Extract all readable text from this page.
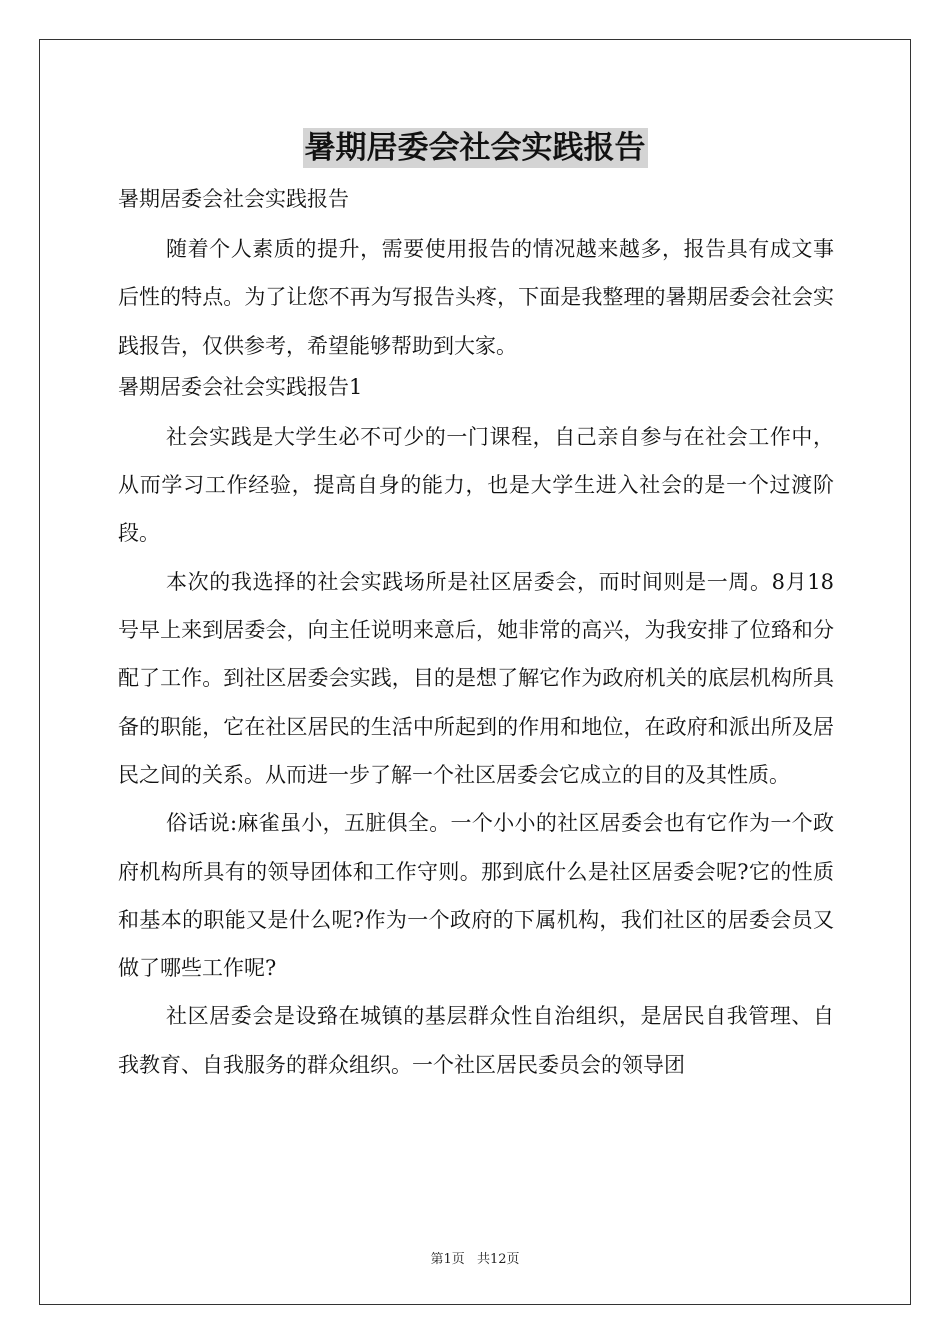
暑期居委会社会实践报告

暑期居委会社会实践报告

随着个人素质的提升，需要使用报告的情况越来越多，报告具有成文事后性的特点。为了让您不再为写报告头疼，下面是我整理的暑期居委会社会实践报告，仅供参考，希望能够帮助到大家。

暑期居委会社会实践报告1

社会实践是大学生必不可少的一门课程，自己亲自参与在社会工作中，从而学习工作经验，提高自身的能力，也是大学生进入社会的是一个过渡阶段。

本次的我选择的社会实践场所是社区居委会，而时间则是一周。8月18号早上来到居委会，向主任说明来意后，她非常的高兴，为我安排了位臵和分配了工作。到社区居委会实践，目的是想了解它作为政府机关的底层机构所具备的职能，它在社区居民的生活中所起到的作用和地位，在政府和派出所及居民之间的关系。从而进一步了解一个社区居委会它成立的目的及其性质。

俗话说:麻雀虽小，五脏俱全。一个小小的社区居委会也有它作为一个政府机构所具有的领导团体和工作守则。那到底什么是社区居委会呢?它的性质和基本的职能又是什么呢?作为一个政府的下属机构，我们社区的居委会员又做了哪些工作呢?

社区居委会是设臵在城镇的基层群众性自治组织，是居民自我管理、自我教育、自我服务的群众组织。一个社区居民委员会的领导团

第1页 共12页
